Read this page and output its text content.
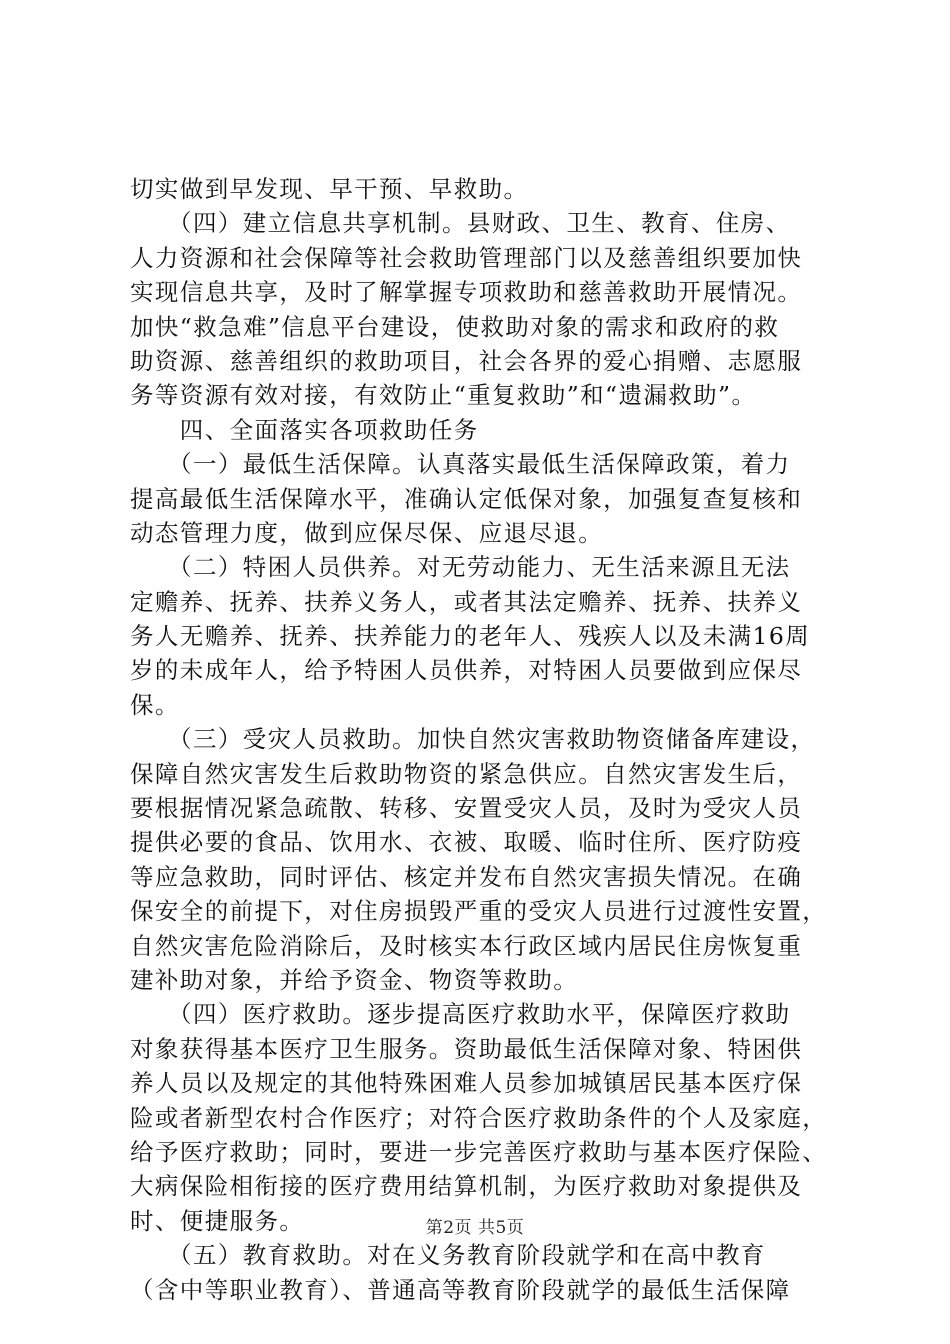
切实做到早发现、早干预、早救助。
　　（四）建立信息共享机制。县财政、卫生、教育、住房、
人力资源和社会保障等社会救助管理部门以及慈善组织要加快
实现信息共享，及时了解掌握专项救助和慈善救助开展情况。
加快“救急难”信息平台建设，使救助对象的需求和政府的救
助资源、慈善组织的救助项目，社会各界的爱心捐赠、志愿服
务等资源有效对接，有效防止“重复救助”和“遗漏救助”。
　　四、全面落实各项救助任务
　　（一）最低生活保障。认真落实最低生活保障政策，着力
提高最低生活保障水平，准确认定低保对象，加强复查复核和
动态管理力度，做到应保尽保、应退尽退。
　　（二）特困人员供养。对无劳动能力、无生活来源且无法
定赡养、抚养、扶养义务人，或者其法定赡养、抚养、扶养义
务人无赡养、抚养、扶养能力的老年人、残疾人以及未满16周
岁的未成年人，给予特困人员供养，对特困人员要做到应保尽
保。
　　（三）受灾人员救助。加快自然灾害救助物资储备库建设，
保障自然灾害发生后救助物资的紧急供应。自然灾害发生后，
要根据情况紧急疏散、转移、安置受灾人员，及时为受灾人员
提供必要的食品、饮用水、衣被、取暖、临时住所、医疗防疫
等应急救助，同时评估、核定并发布自然灾害损失情况。在确
保安全的前提下，对住房损毁严重的受灾人员进行过渡性安置，
自然灾害危险消除后，及时核实本行政区域内居民住房恢复重
建补助对象，并给予资金、物资等救助。
　　（四）医疗救助。逐步提高医疗救助水平，保障医疗救助
对象获得基本医疗卫生服务。资助最低生活保障对象、特困供
养人员以及规定的其他特殊困难人员参加城镇居民基本医疗保
险或者新型农村合作医疗；对符合医疗救助条件的个人及家庭，
给予医疗救助；同时，要进一步完善医疗救助与基本医疗保险、
大病保险相衔接的医疗费用结算机制，为医疗救助对象提供及
时、便捷服务。
　　（五）教育救助。对在义务教育阶段就学和在高中教育
（含中等职业教育）、普通高等教育阶段就学的最低生活保障
第2页 共5页
